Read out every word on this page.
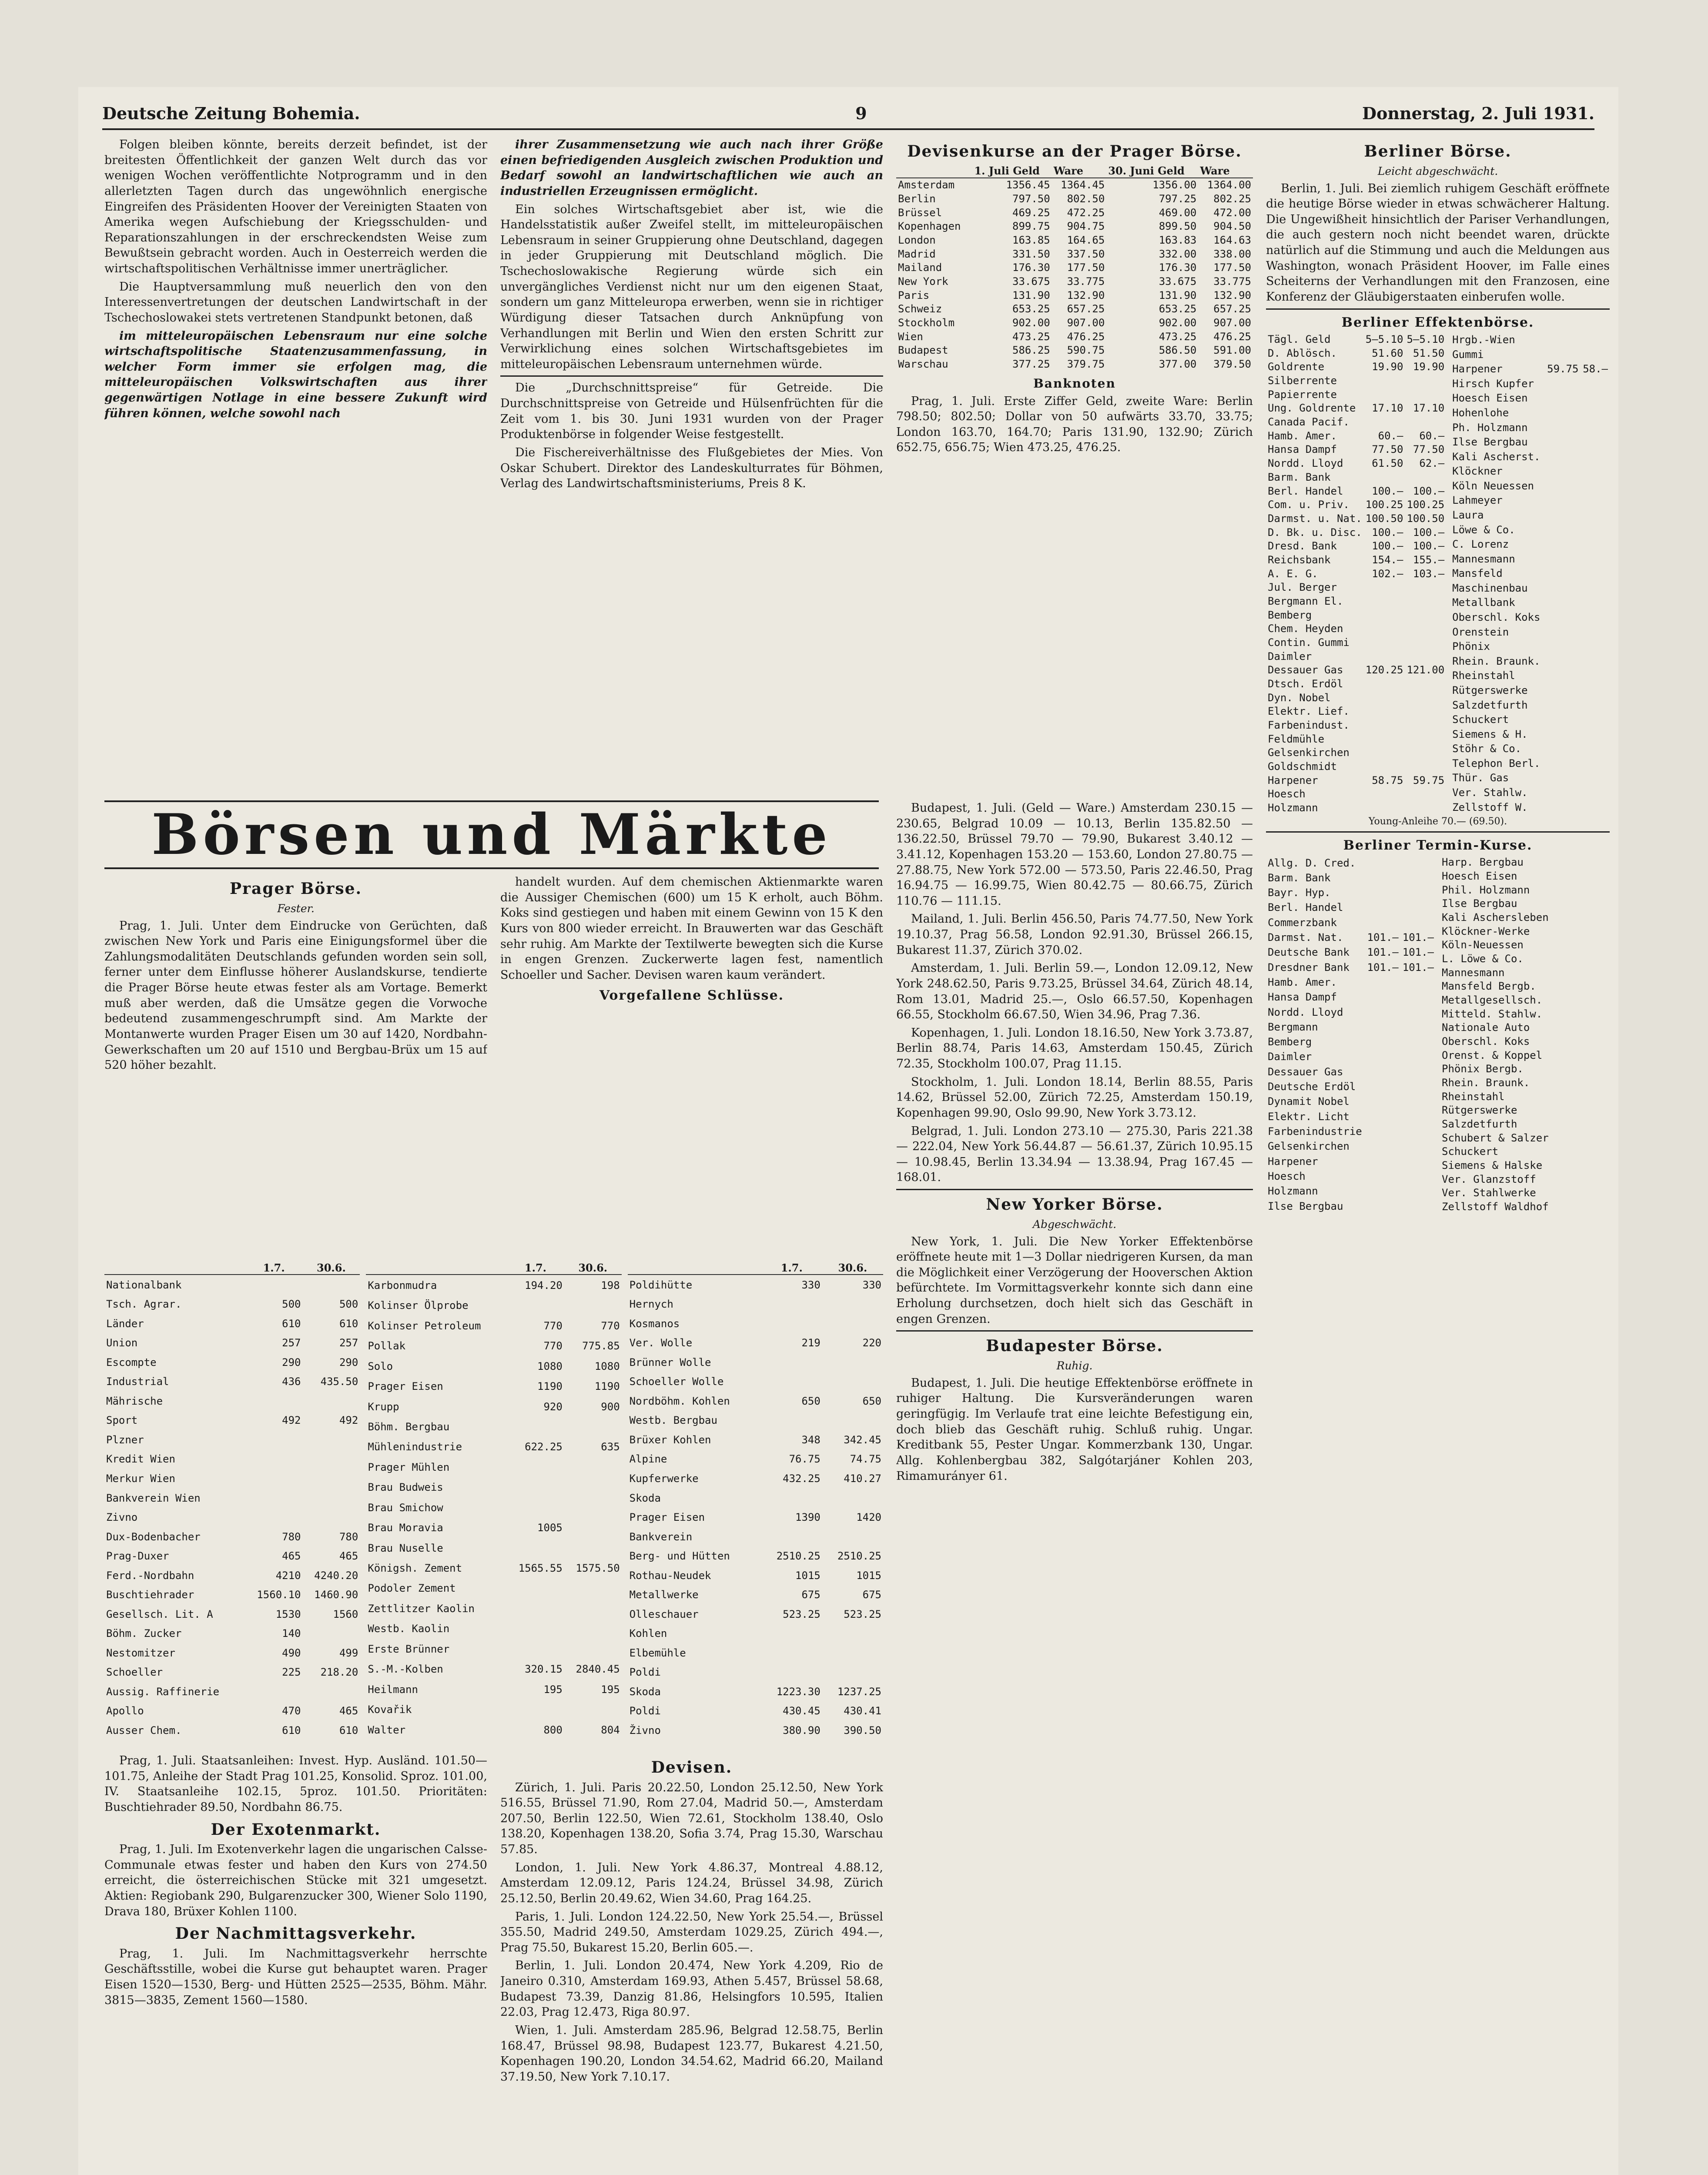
Deutsche Zeitung Bohemia.	9	Donnerstag, 2. Juli 1931.

Folgen bleiben könnte, bereits derzeit befindet, ist der breitesten Öffentlichkeit der ganzen Welt durch das vor wenigen Wochen veröffentlichte Notprogramm und in den allerletzten Tagen durch das ungewöhnlich energische Eingreifen des Präsidenten Hoover der Vereinigten Staaten von Amerika wegen Aufschiebung der Kriegsschulden- und Reparationszahlungen in der erschreckendsten Weise zum Bewußtsein gebracht worden. Auch in Oesterreich werden die wirtschaftspolitischen Verhältnisse immer unerträglicher.

Die Hauptversammlung muß neuerlich den von den Interessenvertretungen der deutschen Landwirtschaft in der Tschechoslowakei stets vertretenen Standpunkt betonen, daß

im mitteleuropäischen Lebensraum nur eine solche wirtschaftspolitische Staatenzusammenfassung, in welcher Form immer sie erfolgen mag, die mitteleuropäischen Volkswirtschaften aus ihrer gegenwärtigen Notlage in eine bessere Zukunft wird führen können, welche sowohl nach

ihrer Zusammensetzung wie auch nach ihrer Größe einen befriedigenden Ausgleich zwischen Produktion und Bedarf sowohl an landwirtschaftlichen wie auch an industriellen Erzeugnissen ermöglicht.

Ein solches Wirtschaftsgebiet aber ist, wie die Handelsstatistik außer Zweifel stellt, im mitteleuropäischen Lebensraum in seiner Gruppierung ohne Deutschland, dagegen in jeder Gruppierung mit Deutschland möglich. Die Tschechoslowakische Regierung würde sich ein unvergängliches Verdienst nicht nur um den eigenen Staat, sondern um ganz Mitteleuropa erwerben, wenn sie in richtiger Würdigung dieser Tatsachen durch Anknüpfung von Verhandlungen mit Berlin und Wien den ersten Schritt zur Verwirklichung eines solchen Wirtschaftsgebietes im mitteleuropäischen Lebensraum unternehmen würde.

Die „Durchschnittspreise“ für Getreide. Die Durchschnittspreise von Getreide und Hülsenfrüchten für die Zeit vom 1. bis 30. Juni 1931 wurden von der Prager Produktenbörse in folgender Weise festgestellt.

Die Fischereiverhältnisse des Flußgebietes der Mies. Von Oskar Schubert. Direktor des Landeskulturrates für Böhmen, Verlag des Landwirtschaftsministeriums, Preis 8 K.

Devisenkurse an der Prager Börse.
	1. Juli Geld	Ware	30. Juni Geld	Ware
Amsterdam	1356.45	1364.45	1356.00	1364.00
Berlin	797.50	802.50	797.25	802.25
Brüssel	469.25	472.25	469.00	472.00
Kopenhagen	899.75	904.75	899.50	904.50
London	163.85	164.65	163.83	164.63
Madrid	331.50	337.50	332.00	338.00
Mailand	176.30	177.50	176.30	177.50
New York	33.675	33.775	33.675	33.775
Paris	131.90	132.90	131.90	132.90
Schweiz	653.25	657.25	653.25	657.25
Stockholm	902.00	907.00	902.00	907.00
Wien	473.25	476.25	473.25	476.25
Budapest	586.25	590.75	586.50	591.00
Warschau	377.25	379.75	377.00	379.50
Banknoten

Prag, 1. Juli. Erste Ziffer Geld, zweite Ware: Berlin 798.50; 802.50; Dollar von 50 aufwärts 33.70, 33.75; London 163.70, 164.70; Paris 131.90, 132.90; Zürich 652.75, 656.75; Wien 473.25, 476.25.

Berliner Börse.
Leicht abgeschwächt.

Berlin, 1. Juli. Bei ziemlich ruhigem Geschäft eröffnete die heutige Börse wieder in etwas schwächerer Haltung. Die Ungewißheit hinsichtlich der Pariser Verhandlungen, die auch gestern noch nicht beendet waren, drückte natürlich auf die Stimmung und auch die Meldungen aus Washington, wonach Präsident Hoover, im Falle eines Scheiterns der Verhandlungen mit den Franzosen, eine Konferenz der Gläubigerstaaten einberufen wolle.

Berliner Effektenbörse.
Tägl. Geld	5—5.10	5—5.10
D. Ablösch.	51.60	51.50
Goldrente	19.90	19.90
Silberrente		
Papierrente		
Ung. Goldrente	17.10	17.10
Canada Pacif.		
Hamb. Amer.	60.—	60.—
Hansa Dampf	77.50	77.50
Nordd. Lloyd	61.50	62.—
Barm. Bank		
Berl. Handel	100.—	100.—
Com. u. Priv.	100.25	100.25
Darmst. u. Nat.	100.50	100.50
D. Bk. u. Disc.	100.—	100.—
Dresd. Bank	100.—	100.—
Reichsbank	154.—	155.—
A. E. G.	102.—	103.—
Jul. Berger		
Bergmann El.		
Bemberg		
Chem. Heyden		
Contin. Gummi		
Daimler		
Dessauer Gas	120.25	121.00
Dtsch. Erdöl		
Dyn. Nobel		
Elektr. Lief.		
Farbenindust.		
Feldmühle		
Gelsenkirchen		
Goldschmidt		
Harpener	58.75	59.75
Hoesch		
Holzmann		
Hrgb.-Wien		
Gummi		
Harpener	59.75	58.—
Hirsch Kupfer		
Hoesch Eisen		
Hohenlohe		
Ph. Holzmann		
Ilse Bergbau		
Kali Ascherst.		
Klöckner		
Köln Neuessen		
Lahmeyer		
Laura		
Löwe & Co.		
C. Lorenz		
Mannesmann		
Mansfeld		
Maschinenbau		
Metallbank		
Oberschl. Koks		
Orenstein		
Phönix		
Rhein. Braunk.		
Rheinstahl		
Rütgerswerke		
Salzdetfurth		
Schuckert		
Siemens & H.		
Stöhr & Co.		
Telephon Berl.		
Thür. Gas		
Ver. Stahlw.		
Zellstoff W.		
Young-Anleihe 70.— (69.50).
Berliner Termin-Kurse.
Allg. D. Cred.		
Barm. Bank		
Bayr. Hyp.		
Berl. Handel		
Commerzbank		
Darmst. Nat.	101.—	101.—
Deutsche Bank	101.—	101.—
Dresdner Bank	101.—	101.—
Hamb. Amer.		
Hansa Dampf		
Nordd. Lloyd		
Bergmann		
Bemberg		
Daimler		
Dessauer Gas		
Deutsche Erdöl		
Dynamit Nobel		
Elektr. Licht		
Farbenindustrie		
Gelsenkirchen		
Harpener		
Hoesch		
Holzmann		
Ilse Bergbau		
Harp. Bergbau		
Hoesch Eisen		
Phil. Holzmann		
Ilse Bergbau		
Kali Aschersleben		
Klöckner-Werke		
Köln-Neuessen		
L. Löwe & Co.		
Mannesmann		
Mansfeld Bergb.		
Metallgesellsch.		
Mitteld. Stahlw.		
Nationale Auto		
Oberschl. Koks		
Orenst. & Koppel		
Phönix Bergb.		
Rhein. Braunk.		
Rheinstahl		
Rütgerswerke		
Salzdetfurth		
Schubert & Salzer		
Schuckert		
Siemens & Halske		
Ver. Glanzstoff		
Ver. Stahlwerke		
Zellstoff Waldhof		
Börsen und Märkte
Prager Börse.
Fester.

Prag, 1. Juli. Unter dem Eindrucke von Gerüchten, daß zwischen New York und Paris eine Einigungsformel über die Zahlungsmodalitäten Deutschlands gefunden worden sein soll, ferner unter dem Einflusse höherer Auslandskurse, tendierte die Prager Börse heute etwas fester als am Vortage. Bemerkt muß aber werden, daß die Umsätze gegen die Vorwoche bedeutend zusammengeschrumpft sind. Am Markte der Montanwerte wurden Prager Eisen um 30 auf 1420, Nordbahn-Gewerkschaften um 20 auf 1510 und Bergbau-Brüx um 15 auf 520 höher bezahlt.

handelt wurden. Auf dem chemischen Aktienmarkte waren die Aussiger Chemischen (600) um 15 K erholt, auch Böhm. Koks sind gestiegen und haben mit einem Gewinn von 15 K den Kurs von 800 wieder erreicht. In Brauwerten war das Geschäft sehr ruhig. Am Markte der Textilwerte bewegten sich die Kurse in engen Grenzen. Zuckerwerte lagen fest, namentlich Schoeller und Sacher. Devisen waren kaum verändert.

Vorgefallene Schlüsse.
	1.7.	30.6.
Nationalbank		
Tsch. Agrar.	500	500
Länder	610	610
Union	257	257
Escompte	290	290
Industrial	436	435.50
Mährische		
Sport	492	492
Plzner		
Kredit Wien		
Merkur Wien		
Bankverein Wien		
Zivno		
Dux-Bodenbacher	780	780
Prag-Duxer	465	465
Ferd.-Nordbahn	4210	4240.20
Buschtiehrader	1560.10	1460.90
Gesellsch. Lit. A	1530	1560
Böhm. Zucker	140	
Nestomitzer	490	499
Schoeller	225	218.20
Aussig. Raffinerie		
Apollo	470	465
Ausser Chem.	610	610
	1.7.	30.6.
Karbonmudra	194.20	198
Kolinser Ölprobe		
Kolinser Petroleum	770	770
Pollak	770	775.85
Solo	1080	1080
Prager Eisen	1190	1190
Krupp	920	900
Böhm. Bergbau		
Mühlenindustrie	622.25	635
Prager Mühlen		
Brau Budweis		
Brau Smichow		
Brau Moravia	1005	
Brau Nuselle		
Königsh. Zement	1565.55	1575.50
Podoler Zement		
Zettlitzer Kaolin		
Westb. Kaolin		
Erste Brünner		
S.-M.-Kolben	320.15	2840.45
Heilmann	195	195
Kovařik		
Walter	800	804
	1.7.	30.6.
Poldihütte	330	330
Hernych		
Kosmanos		
Ver. Wolle	219	220
Brünner Wolle		
Schoeller Wolle		
Nordböhm. Kohlen	650	650
Westb. Bergbau		
Brüxer Kohlen	348	342.45
Alpine	76.75	74.75
Kupferwerke	432.25	410.27
Skoda		
Prager Eisen	1390	1420
Bankverein		
Berg- und Hütten	2510.25	2510.25
Rothau-Neudek	1015	1015
Metallwerke	675	675
Olleschauer	523.25	523.25
Kohlen		
Elbemühle		
Poldi		
Skoda	1223.30	1237.25
Poldi	430.45	430.41
Živno	380.90	390.50

Prag, 1. Juli. Staatsanleihen: Invest. Hyp. Ausländ. 101.50—101.75, Anleihe der Stadt Prag 101.25, Konsolid. Sproz. 101.00, IV. Staatsanleihe 102.15, 5proz. 101.50. Prioritäten: Buschtiehrader 89.50, Nordbahn 86.75.

Der Exotenmarkt.

Prag, 1. Juli. Im Exotenverkehr lagen die ungarischen Calsse-Communale etwas fester und haben den Kurs von 274.50 erreicht, die österreichischen Stücke mit 321 umgesetzt. Aktien: Regiobank 290, Bulgarenzucker 300, Wiener Solo 1190, Drava 180, Brüxer Kohlen 1100.

Der Nachmittagsverkehr.

Prag, 1. Juli. Im Nachmittagsverkehr herrschte Geschäftsstille, wobei die Kurse gut behauptet waren. Prager Eisen 1520—1530, Berg- und Hütten 2525—2535, Böhm. Mähr. 3815—3835, Zement 1560—1580.

Devisen.

Zürich, 1. Juli. Paris 20.22.50, London 25.12.50, New York 516.55, Brüssel 71.90, Rom 27.04, Madrid 50.—, Amsterdam 207.50, Berlin 122.50, Wien 72.61, Stockholm 138.40, Oslo 138.20, Kopenhagen 138.20, Sofia 3.74, Prag 15.30, Warschau 57.85.

London, 1. Juli. New York 4.86.37, Montreal 4.88.12, Amsterdam 12.09.12, Paris 124.24, Brüssel 34.98, Zürich 25.12.50, Berlin 20.49.62, Wien 34.60, Prag 164.25.

Paris, 1. Juli. London 124.22.50, New York 25.54.—, Brüssel 355.50, Madrid 249.50, Amsterdam 1029.25, Zürich 494.—, Prag 75.50, Bukarest 15.20, Berlin 605.—.

Berlin, 1. Juli. London 20.474, New York 4.209, Rio de Janeiro 0.310, Amsterdam 169.93, Athen 5.457, Brüssel 58.68, Budapest 73.39, Danzig 81.86, Helsingfors 10.595, Italien 22.03, Prag 12.473, Riga 80.97.

Wien, 1. Juli. Amsterdam 285.96, Belgrad 12.58.75, Berlin 168.47, Brüssel 98.98, Budapest 123.77, Bukarest 4.21.50, Kopenhagen 190.20, London 34.54.62, Madrid 66.20, Mailand 37.19.50, New York 7.10.17.

Budapest, 1. Juli. (Geld — Ware.) Amsterdam 230.15 — 230.65, Belgrad 10.09 — 10.13, Berlin 135.82.50 — 136.22.50, Brüssel 79.70 — 79.90, Bukarest 3.40.12 — 3.41.12, Kopenhagen 153.20 — 153.60, London 27.80.75 — 27.88.75, New York 572.00 — 573.50, Paris 22.46.50, Prag 16.94.75 — 16.99.75, Wien 80.42.75 — 80.66.75, Zürich 110.76 — 111.15.

Mailand, 1. Juli. Berlin 456.50, Paris 74.77.50, New York 19.10.37, Prag 56.58, London 92.91.30, Brüssel 266.15, Bukarest 11.37, Zürich 370.02.

Amsterdam, 1. Juli. Berlin 59.—, London 12.09.12, New York 248.62.50, Paris 9.73.25, Brüssel 34.64, Zürich 48.14, Rom 13.01, Madrid 25.—, Oslo 66.57.50, Kopenhagen 66.55, Stockholm 66.67.50, Wien 34.96, Prag 7.36.

Kopenhagen, 1. Juli. London 18.16.50, New York 3.73.87, Berlin 88.74, Paris 14.63, Amsterdam 150.45, Zürich 72.35, Stockholm 100.07, Prag 11.15.

Stockholm, 1. Juli. London 18.14, Berlin 88.55, Paris 14.62, Brüssel 52.00, Zürich 72.25, Amsterdam 150.19, Kopenhagen 99.90, Oslo 99.90, New York 3.73.12.

Belgrad, 1. Juli. London 273.10 — 275.30, Paris 221.38 — 222.04, New York 56.44.87 — 56.61.37, Zürich 10.95.15 — 10.98.45, Berlin 13.34.94 — 13.38.94, Prag 167.45 — 168.01.

New Yorker Börse.
Abgeschwächt.

New York, 1. Juli. Die New Yorker Effektenbörse eröffnete heute mit 1—3 Dollar niedrigeren Kursen, da man die Möglichkeit einer Verzögerung der Hooverschen Aktion befürchtete. Im Vormittagsverkehr konnte sich dann eine Erholung durchsetzen, doch hielt sich das Geschäft in engen Grenzen.

Budapester Börse.
Ruhig.

Budapest, 1. Juli. Die heutige Effektenbörse eröffnete in ruhiger Haltung. Die Kursveränderungen waren geringfügig. Im Verlaufe trat eine leichte Befestigung ein, doch blieb das Geschäft ruhig. Schluß ruhig. Ungar. Kreditbank 55, Pester Ungar. Kommerzbank 130, Ungar. Allg. Kohlenbergbau 382, Salgótarjáner Kohlen 203, Rimamurányer 61.
